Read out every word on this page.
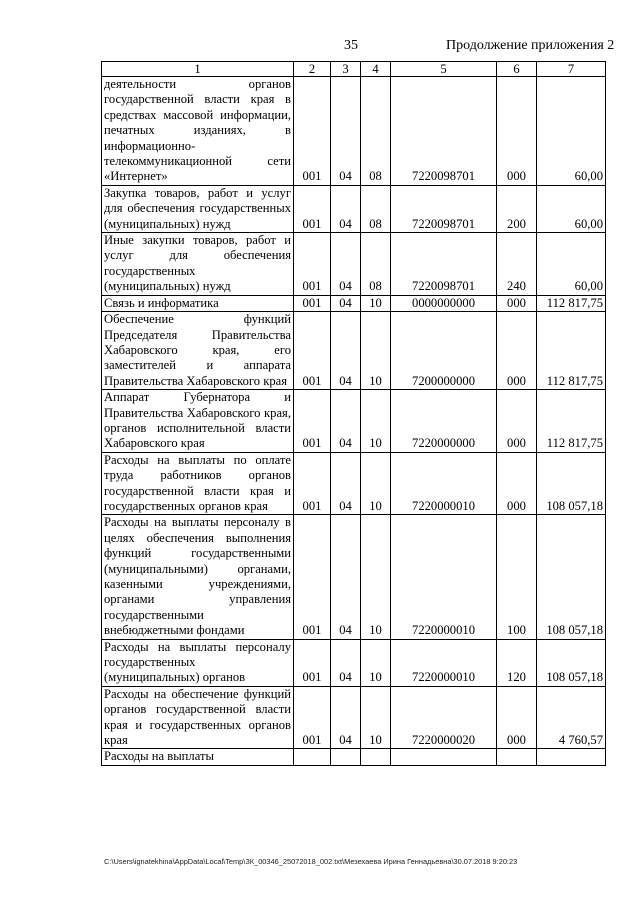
35	Продолжение приложения 2
1	2	3	4	5	6	7
деятельности органов государственной власти края в средствах массовой информации, печатных изданиях, в информационно-телекоммуникационной сети «Интернет»	001	04	08	7220098701	000	60,00
Закупка товаров, работ и услуг для обеспечения государственных (муниципальных) нужд	001	04	08	7220098701	200	60,00
Иные закупки товаров, работ и услуг для обеспечения государственных (муниципальных) нужд	001	04	08	7220098701	240	60,00
Связь и информатика	001	04	10	0000000000	000	112 817,75
Обеспечение функций Председателя Правительства Хабаровского края, его заместителей и аппарата Правительства Хабаровского края	001	04	10	7200000000	000	112 817,75
Аппарат Губернатора и Правительства Хабаровского края, органов исполнительной власти Хабаровского края	001	04	10	7220000000	000	112 817,75
Расходы на выплаты по оплате труда работников органов государственной власти края и государственных органов края	001	04	10	7220000010	000	108 057,18
Расходы на выплаты персоналу в целях обеспечения выполнения функций государственными (муниципальными) органами, казенными учреждениями, органами управления государственными внебюджетными фондами	001	04	10	7220000010	100	108 057,18
Расходы на выплаты персоналу государственных (муниципальных) органов	001	04	10	7220000010	120	108 057,18
Расходы на обеспечение функций органов государственной власти края и государственных органов края	001	04	10	7220000020	000	4 760,57
Расходы на выплаты						
C:\Users\ignatekhina\AppData\Local\Temp\ЗК_00346_25072018_002.txt\Мезехаева Ирина Геннадьевна\30.07.2018 9:20:23
